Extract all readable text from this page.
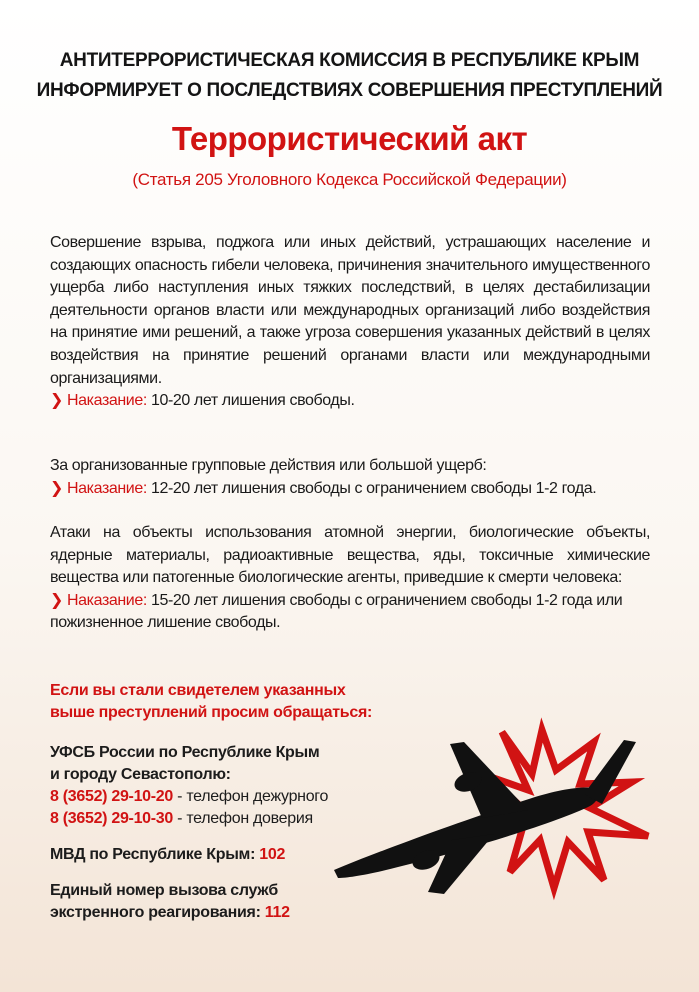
АНТИТЕРРОРИСТИЧЕСКАЯ КОМИССИЯ В РЕСПУБЛИКЕ КРЫМ
ИНФОРМИРУЕТ О ПОСЛЕДСТВИЯХ СОВЕРШЕНИЯ ПРЕСТУПЛЕНИЙ
Террористический акт
(Статья 205 Уголовного Кодекса Российской Федерации)
Совершение взрыва, поджога или иных действий, устрашающих население и создающих опасность гибели человека, причинения значительного имущественного ущерба либо наступления иных тяжких последствий, в целях дестабилизации деятельности органов власти или международных организаций либо воздействия на принятие ими решений, а также угроза совершения указанных действий в целях воздействия на принятие решений органами власти или международными организациями.
❯ Наказание: 10-20 лет лишения свободы.
За организованные групповые действия или большой ущерб:
❯ Наказание: 12-20 лет лишения свободы с ограничением свободы 1-2 года.
Атаки на объекты использования атомной энергии, биологические объекты, ядерные материалы, радиоактивные вещества, яды, токсичные химические вещества или патогенные биологические агенты, приведшие к смерти человека:
❯ Наказание: 15-20 лет лишения свободы с ограничением свободы 1-2 года или пожизненное лишение свободы.
Если вы стали свидетелем указанных
выше преступлений просим обращаться:
УФСБ России по Республике Крым
и городу Севастополю:
8 (3652) 29-10-20 - телефон дежурного
8 (3652) 29-10-30 - телефон доверия
МВД по Республике Крым: 102
Единый номер вызова служб
экстренного реагирования: 112
